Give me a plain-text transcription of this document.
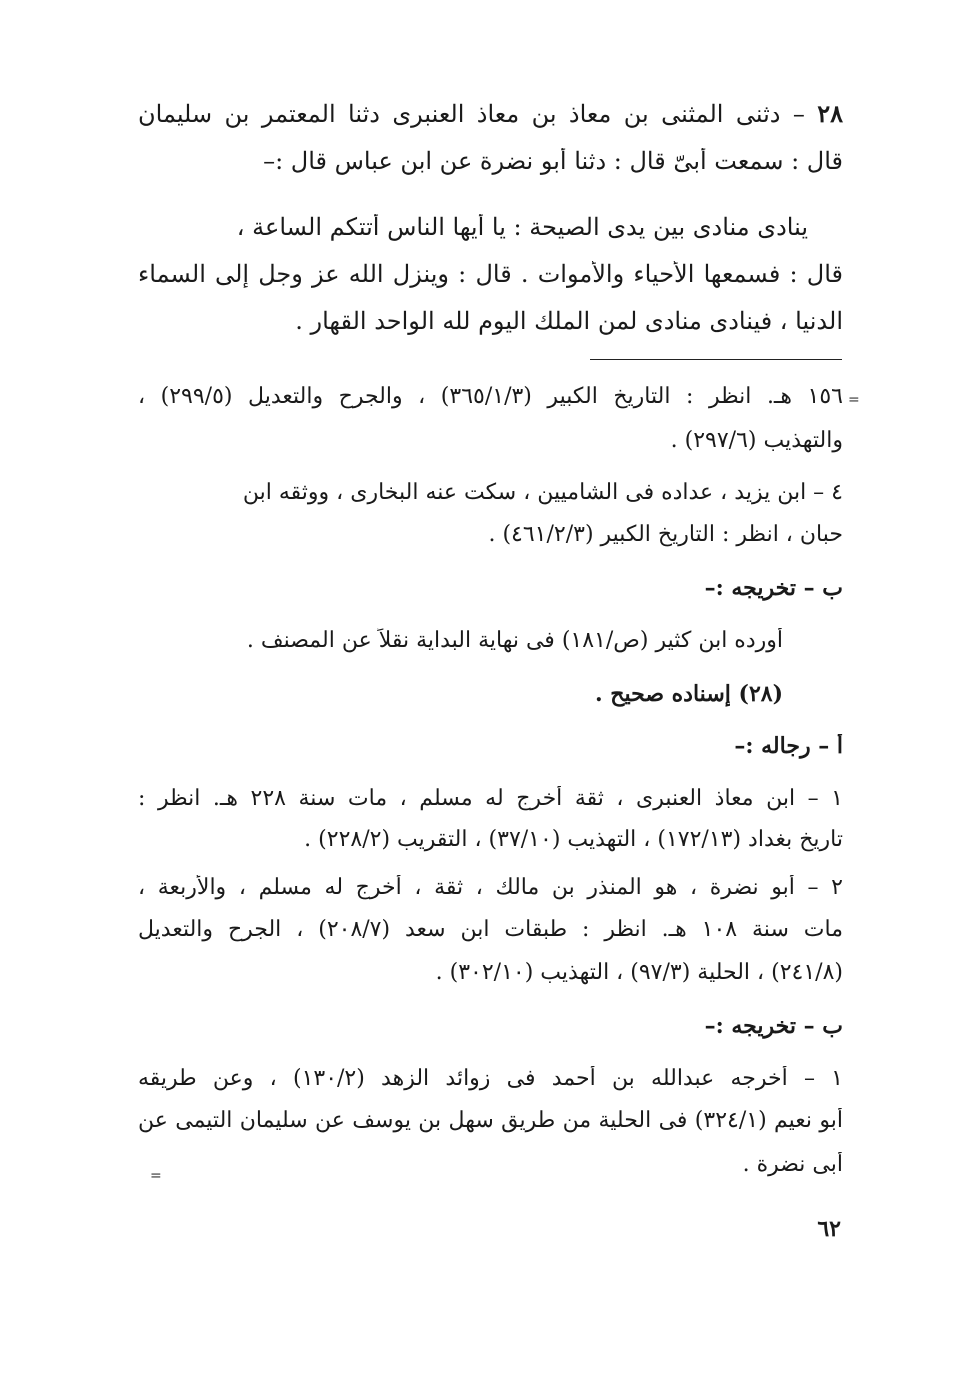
٢٨ – دثنى المثنى بن معاذ بن معاذ العنبرى دثنا المعتمر بن سليمان
قال : سمعت أبىّ قال : دثنا أبو نضرة عن ابن عباس قال :–
ينادى منادى بين يدى الصيحة : يا أيها الناس أتتكم الساعة ،
قال : فسمعها الأحياء والأموات . قال : وينزل الله عز وجل إلى السماء
الدنيا ، فينادى منادى لمن الملك اليوم لله الواحد القهار .
=
١٥٦ هـ. انظر : التاريخ الكبير (٣٦٥/١/٣) ، والجرح والتعديل (٢٩٩/٥) ،
والتهذيب (٢٩٧/٦) .
٤ – ابن يزيد ، عداده فى الشاميين ، سكت عنه البخارى ، ووثقه ابن
حبان ، انظر : التاريخ الكبير (٤٦١/٢/٣) .
ب – تخريجه :–
أورده ابن كثير (ص/١٨١) فى نهاية البداية نقلاً عن المصنف .
(٢٨) إسناده صحيح .
أ – رجاله :–
١ – ابن معاذ العنبرى ، ثقة أخرج له مسلم ، مات سنة ٢٢٨ هـ. انظر :
تاريخ بغداد (١٧٢/١٣) ، التهذيب (٣٧/١٠) ، التقريب (٢٢٨/٢) .
٢ – أبو نضرة ، هو المنذر بن مالك ، ثقة ، أخرج له مسلم ، والأربعة ،
مات سنة ١٠٨ هـ. انظر : طبقات ابن سعد (٢٠٨/٧) ، الجرح والتعديل
(٢٤١/٨) ، الحلية (٩٧/٣) ، التهذيب (٣٠٢/١٠) .
ب – تخريجه :–
١ – أخرجه عبدالله بن أحمد فى زوائد الزهد (١٣٠/٢) ، وعن طريقه
أبو نعيم (٣٢٤/١) فى الحلية من طريق سهل بن يوسف عن سليمان التيمى عن
أبى نضرة .
=
٦٢
